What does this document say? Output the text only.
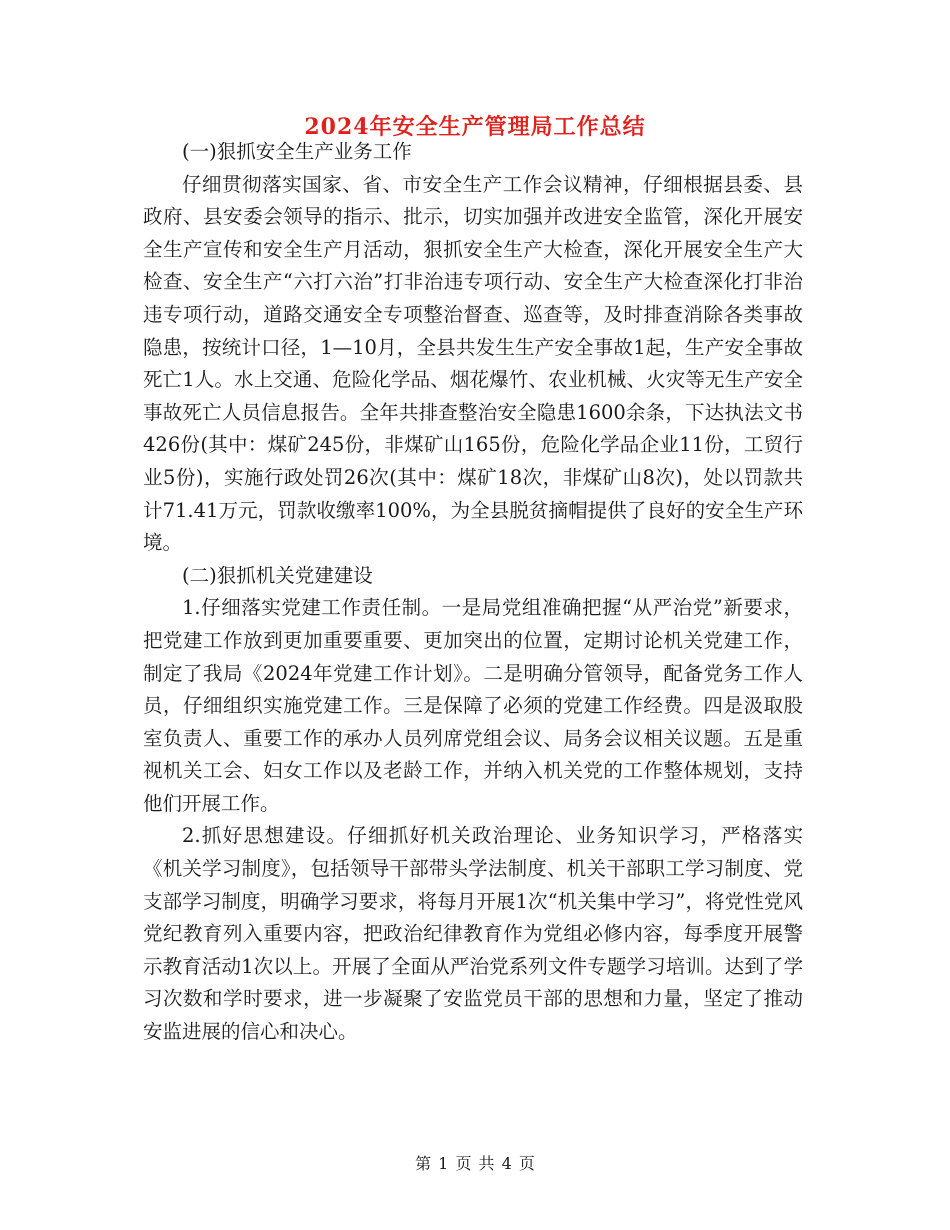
2024年安全生产管理局工作总结

(一)狠抓安全生产业务工作

仔细贯彻落实国家、省、市安全生产工作会议精神，仔细根据县委、县政府、县安委会领导的指示、批示，切实加强并改进安全监管，深化开展安全生产宣传和安全生产月活动，狠抓安全生产大检查，深化开展安全生产大检查、安全生产“六打六治”打非治违专项行动、安全生产大检查深化打非治违专项行动，道路交通安全专项整治督查、巡查等，及时排查消除各类事故隐患，按统计口径，1—10月，全县共发生生产安全事故1起，生产安全事故死亡1人。水上交通、危险化学品、烟花爆竹、农业机械、火灾等无生产安全事故死亡人员信息报告。全年共排查整治安全隐患1600余条，下达执法文书426份(其中：煤矿245份，非煤矿山165份，危险化学品企业11份，工贸行业5份)，实施行政处罚26次(其中：煤矿18次，非煤矿山8次)，处以罚款共计71.41万元，罚款收缴率100%，为全县脱贫摘帽提供了良好的安全生产环境。

(二)狠抓机关党建建设

1.仔细落实党建工作责任制。一是局党组准确把握“从严治党”新要求，把党建工作放到更加重要重要、更加突出的位置，定期讨论机关党建工作，制定了我局《2024年党建工作计划》。二是明确分管领导，配备党务工作人员，仔细组织实施党建工作。三是保障了必须的党建工作经费。四是汲取股室负责人、重要工作的承办人员列席党组会议、局务会议相关议题。五是重视机关工会、妇女工作以及老龄工作，并纳入机关党的工作整体规划，支持他们开展工作。

2.抓好思想建设。仔细抓好机关政治理论、业务知识学习，严格落实《机关学习制度》，包括领导干部带头学法制度、机关干部职工学习制度、党支部学习制度，明确学习要求，将每月开展1次“机关集中学习”，将党性党风党纪教育列入重要内容，把政治纪律教育作为党组必修内容，每季度开展警示教育活动1次以上。开展了全面从严治党系列文件专题学习培训。达到了学习次数和学时要求，进一步凝聚了安监党员干部的思想和力量，坚定了推动安监进展的信心和决心。

第 1 页 共 4 页
